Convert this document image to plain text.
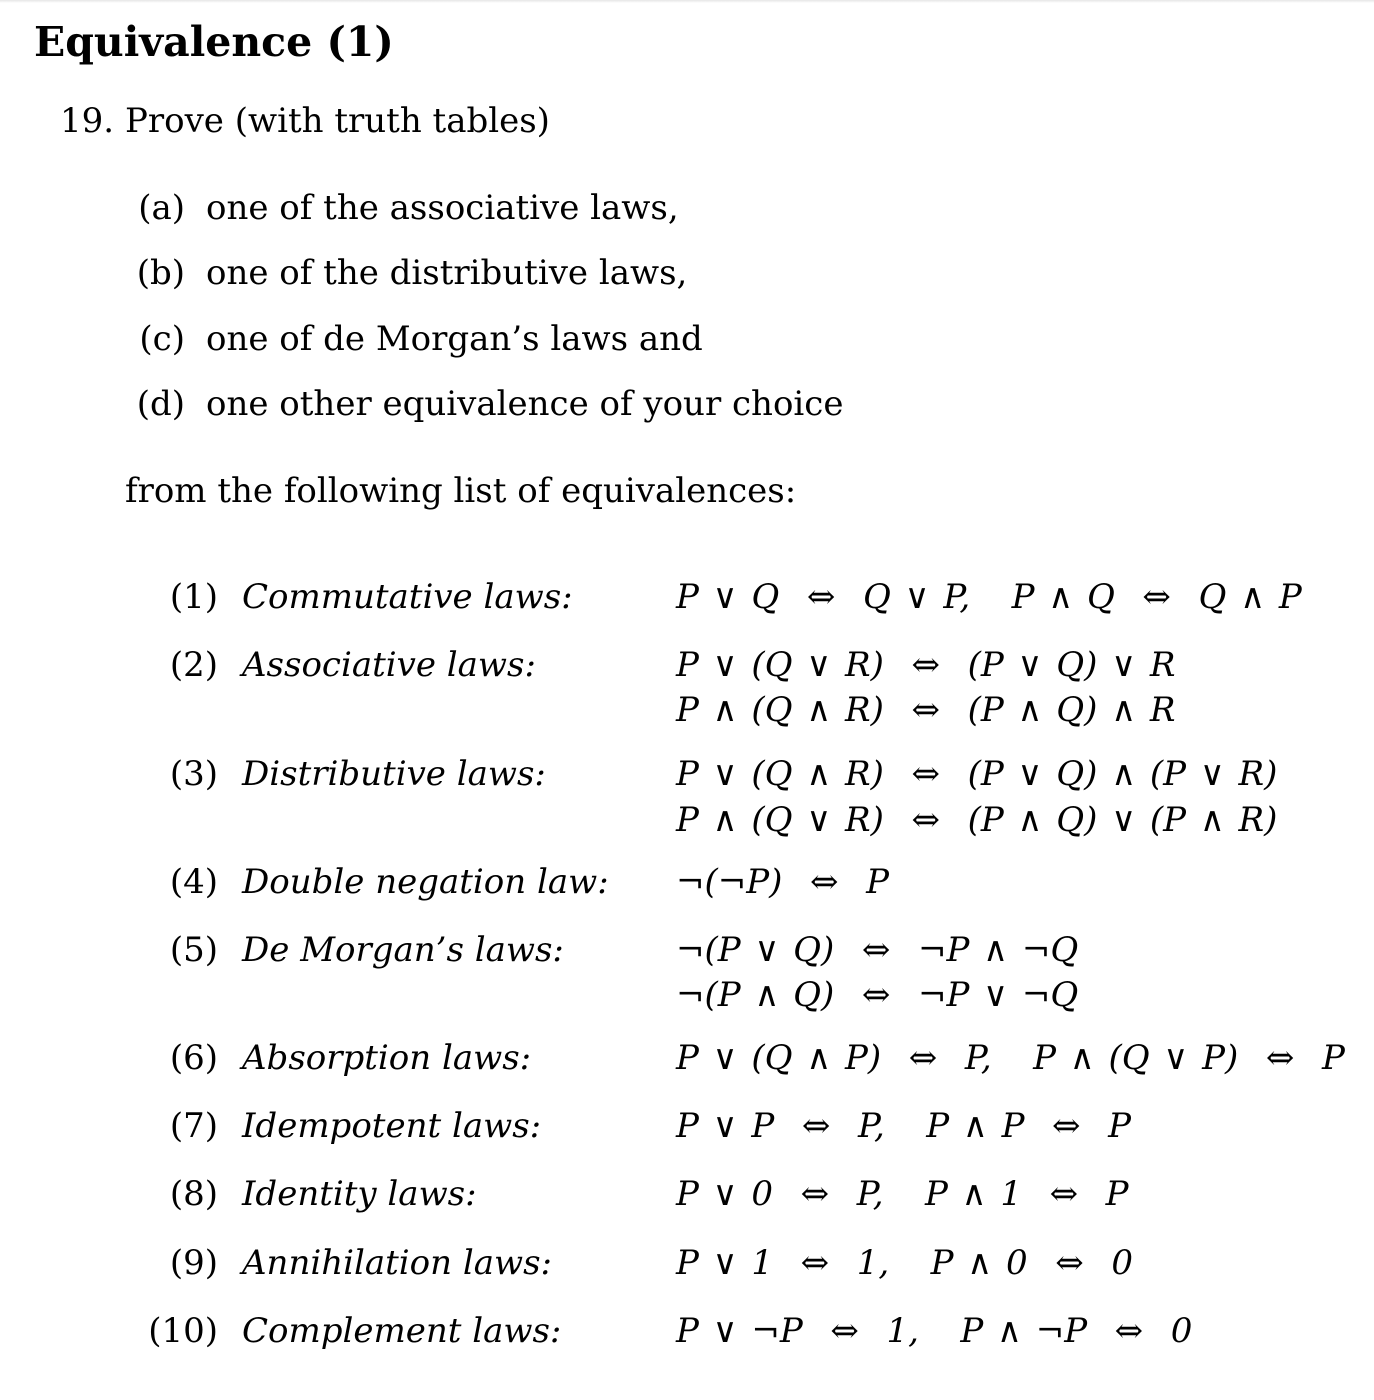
Equivalence (1)
19. Prove (with truth tables)
(a) one of the associative laws,
(b) one of the distributive laws,
(c) one of de Morgan’s laws and
(d) one other equivalence of your choice
from the following list of equivalences:
(1) Commutative laws:	P ∨ Q  ⇔  Q ∨ P,   P ∧ Q  ⇔  Q ∧ P
(2) Associative laws:	P ∨ (Q ∨ R)  ⇔  (P ∨ Q) ∨ R
P ∧ (Q ∧ R)  ⇔  (P ∧ Q) ∧ R
(3) Distributive laws:	P ∨ (Q ∧ R)  ⇔  (P ∨ Q) ∧ (P ∨ R)
P ∧ (Q ∨ R)  ⇔  (P ∧ Q) ∨ (P ∧ R)
(4) Double negation law: ¬(¬P)  ⇔  P
(5) De Morgan’s laws:	¬(P ∨ Q)  ⇔  ¬P ∧ ¬Q
¬(P ∧ Q)  ⇔  ¬P ∨ ¬Q
(6) Absorption laws:	P ∨ (Q ∧ P)  ⇔  P,   P ∧ (Q ∨ P)  ⇔  P
(7) Idempotent laws:	P ∨ P  ⇔  P,   P ∧ P  ⇔  P
(8) Identity laws:	P ∨ 0  ⇔  P,   P ∧ 1  ⇔  P
(9) Annihilation laws:	P ∨ 1  ⇔  1,   P ∧ 0  ⇔  0
(10) Complement laws:	P ∨ ¬P  ⇔  1,   P ∧ ¬P  ⇔  0
